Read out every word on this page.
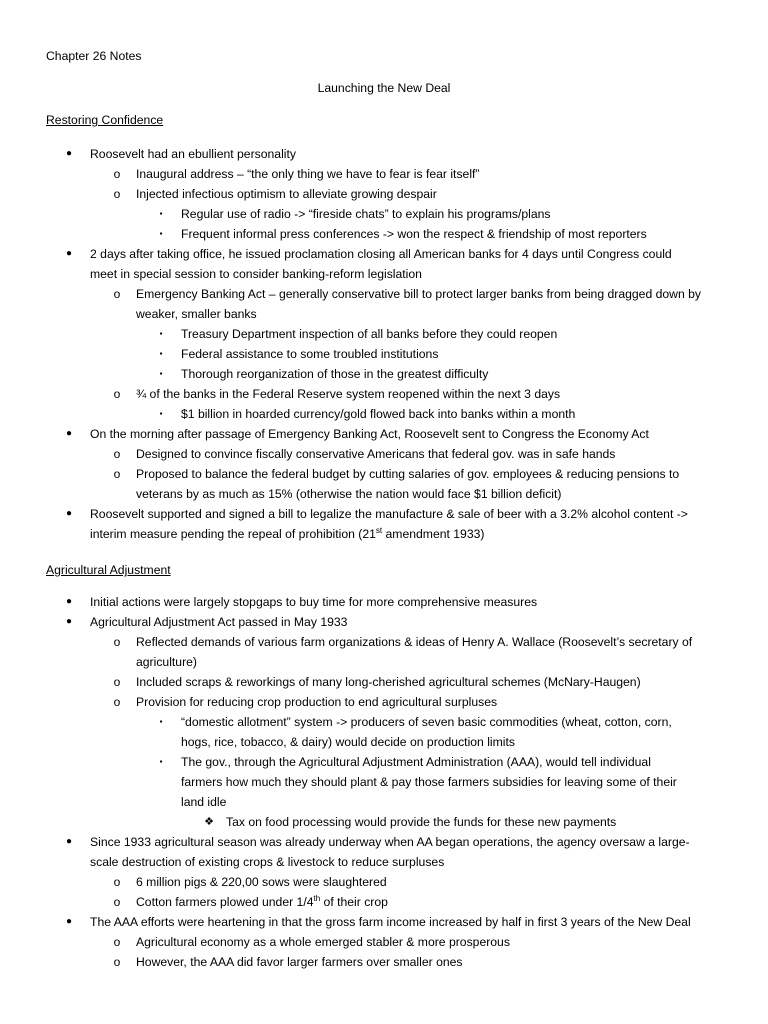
Chapter 26 Notes
Launching the New Deal
Restoring Confidence
●	Roosevelt had an ebullient personality
o Inaugural address – “the only thing we have to fear is fear itself”
o Injected infectious optimism to alleviate growing despair
▪	Regular use of radio -> “fireside chats” to explain his programs/plans
▪	Frequent informal press conferences -> won the respect & friendship of most reporters
●	2 days after taking office, he issued proclamation closing all American banks for 4 days until Congress could
meet in special session to consider banking-reform legislation
o Emergency Banking Act – generally conservative bill to protect larger banks from being dragged down by
weaker, smaller banks
▪	Treasury Department inspection of all banks before they could reopen
▪	Federal assistance to some troubled institutions
▪	Thorough reorganization of those in the greatest difficulty
o ¾ of the banks in the Federal Reserve system reopened within the next 3 days
▪	$1 billion in hoarded currency/gold flowed back into banks within a month
●	On the morning after passage of Emergency Banking Act, Roosevelt sent to Congress the Economy Act
o Designed to convince fiscally conservative Americans that federal gov. was in safe hands
o Proposed to balance the federal budget by cutting salaries of gov. employees & reducing pensions to
veterans by as much as 15% (otherwise the nation would face $1 billion deficit)
●	Roosevelt supported and signed a bill to legalize the manufacture & sale of beer with a 3.2% alcohol content ->
interim measure pending the repeal of prohibition (21st amendment 1933)
Agricultural Adjustment
●	Initial actions were largely stopgaps to buy time for more comprehensive measures
●	Agricultural Adjustment Act passed in May 1933
o Reflected demands of various farm organizations & ideas of Henry A. Wallace (Roosevelt’s secretary of
agriculture)
o Included scraps & reworkings of many long-cherished agricultural schemes (McNary-Haugen)
o Provision for reducing crop production to end agricultural surpluses
▪	“domestic allotment” system -> producers of seven basic commodities (wheat, cotton, corn,
hogs, rice, tobacco, & dairy) would decide on production limits
▪	The gov., through the Agricultural Adjustment Administration (AAA), would tell individual
farmers how much they should plant & pay those farmers subsidies for leaving some of their
land idle
❖ Tax on food processing would provide the funds for these new payments
●	Since 1933 agricultural season was already underway when AA began operations, the agency oversaw a large-
scale destruction of existing crops & livestock to reduce surpluses
o 6 million pigs & 220,00 sows were slaughtered
o Cotton farmers plowed under 1/4th of their crop
●	The AAA efforts were heartening in that the gross farm income increased by half in first 3 years of the New Deal
o Agricultural economy as a whole emerged stabler & more prosperous
o However, the AAA did favor larger farmers over smaller ones
